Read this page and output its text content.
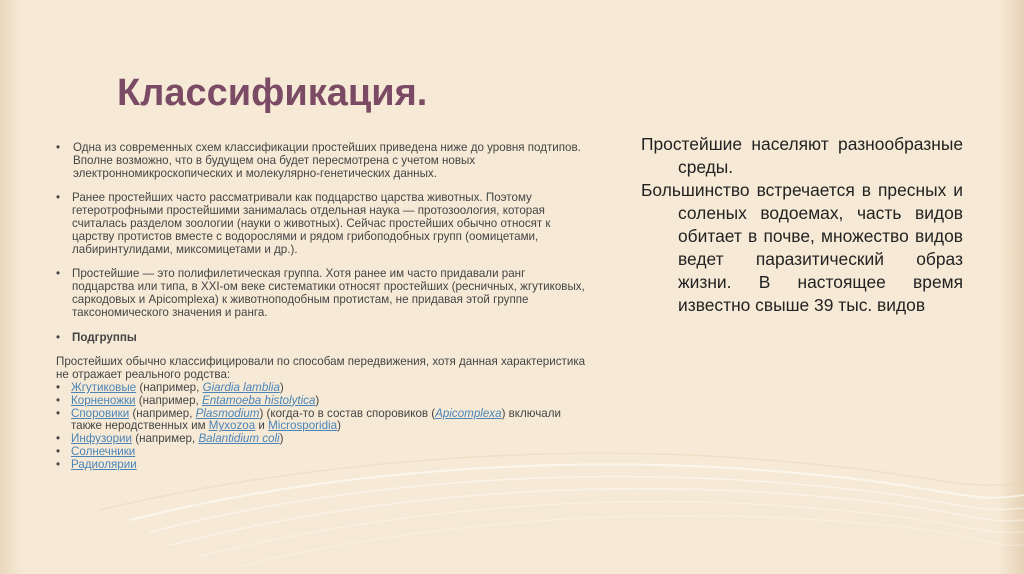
Классификация.

• Одна из современных схем классификации простейших приведена ниже до уровня подтипов. Вполне возможно, что в будущем она будет пересмотрена с учетом новых электронномикроскопических и молекулярно-генетических данных.

• Ранее простейших часто рассматривали как подцарство царства животных. Поэтому гетеротрофными простейшими занималась отдельная наука — протозоология, которая считалась разделом зоологии (науки о животных). Сейчас простейших обычно относят к царству протистов вместе с водорослями и рядом грибоподобных групп (оомицетами, лабиринтулидами, миксомицетами и др.).

• Простейшие — это полифилетическая группа. Хотя ранее им часто придавали ранг подцарства или типа, в XXI-ом веке систематики относят простейших (ресничных, жгутиковых, саркодовых и Apicomplexa) к животноподобным протистам, не придавая этой группе таксономического значения и ранга.

• Подгруппы

Простейших обычно классифицировали по способам передвижения, хотя данная характеристика не отражает реального родства:

• Жгутиковые (например, Giardia lamblia)

• Корненожки (например, Entamoeba histolytica)

• Споровики (например, Plasmodium) (когда-то в состав споровиков (Apicomplexa) включали также неродственных им Myxozoa и Microsporidia)

• Инфузории (например, Balantidium coli)

• Солнечники

• Радиолярии

Простейшие населяют разнообразные среды.

Большинство встречается в пресных и соленых водоемах, часть видов обитает в почве, множество видов ведет паразитический образ жизни. В настоящее время известно свыше 39 тыс. видов
